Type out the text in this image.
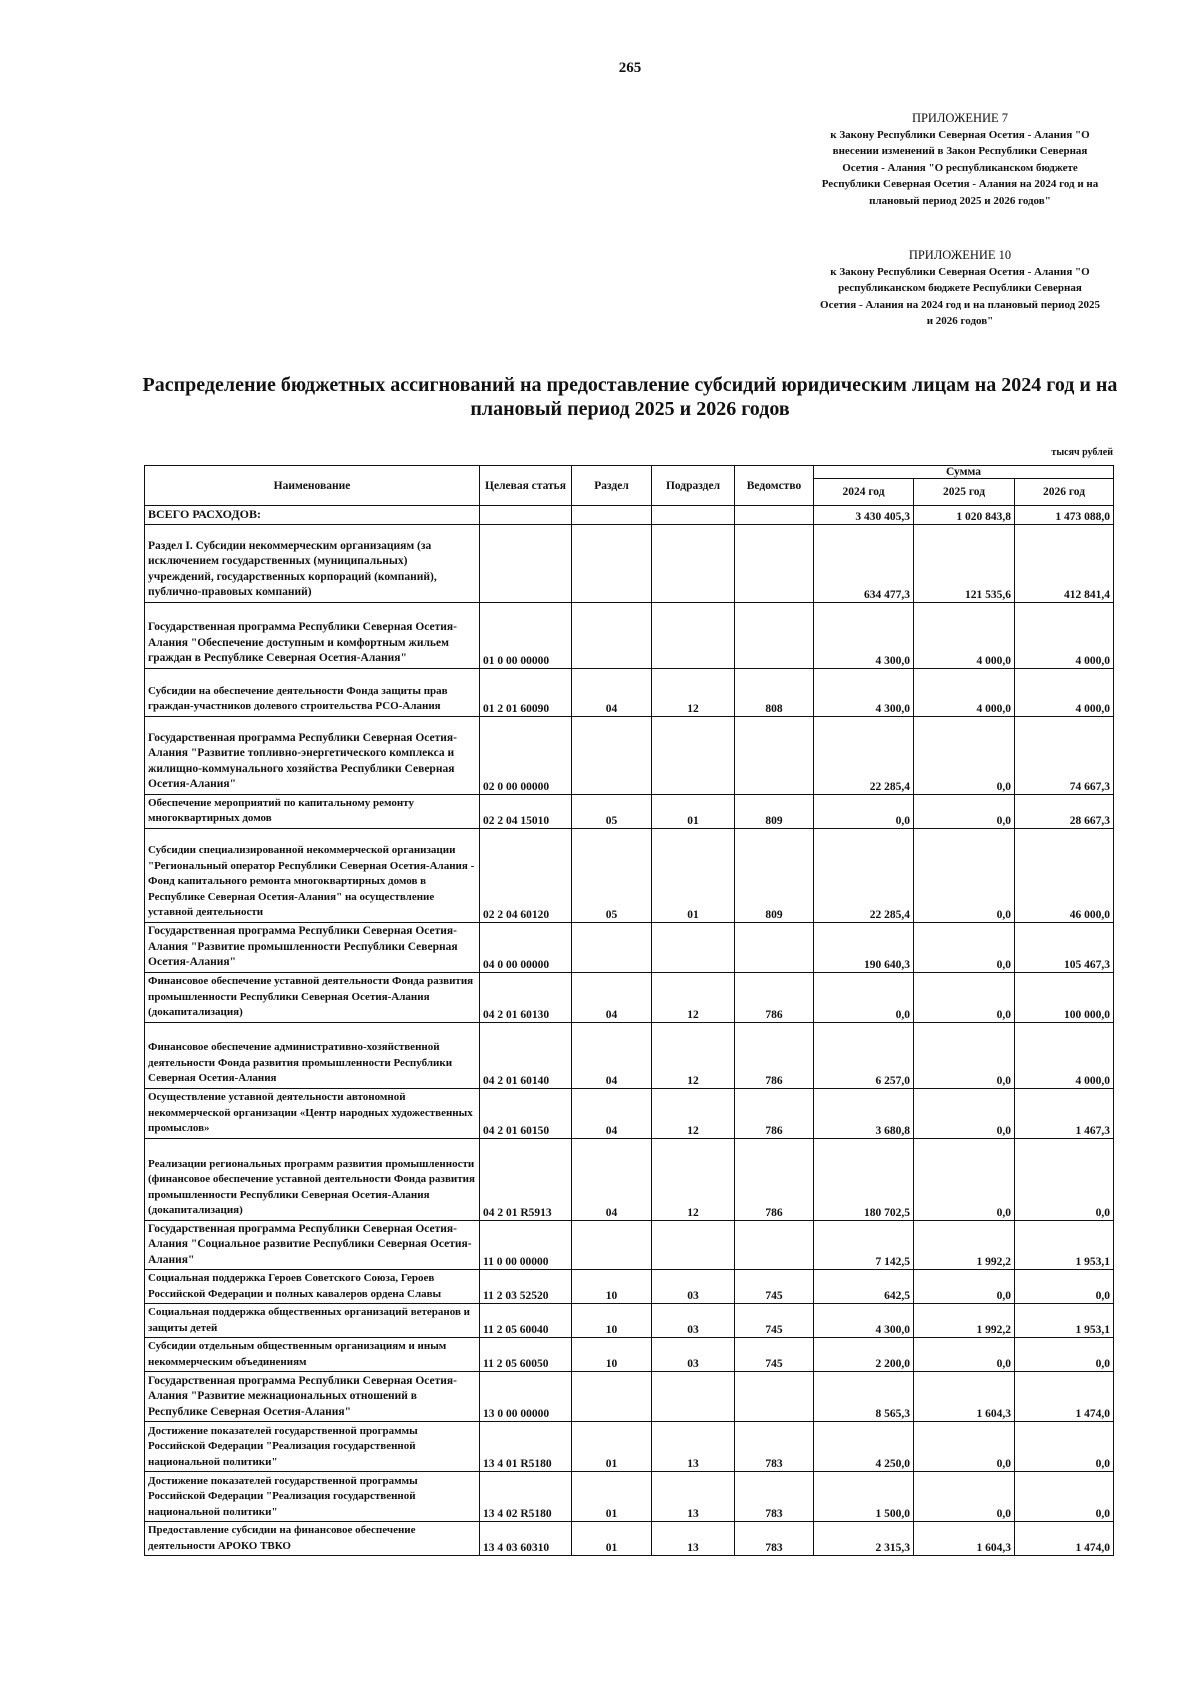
265
ПРИЛОЖЕНИЕ 7
к Закону Республики Северная Осетия - Алания "О внесении изменений в Закон Республики Северная Осетия - Алания "О республиканском бюджете Республики Северная Осетия - Алания на 2024 год и на плановый период 2025 и 2026 годов"
ПРИЛОЖЕНИЕ 10
к Закону Республики Северная Осетия - Алания "О республиканском бюджете Республики Северная Осетия - Алания на 2024 год и на плановый период 2025 и 2026 годов"
Распределение бюджетных ассигнований на предоставление субсидий юридическим лицам на 2024 год и на плановый период 2025 и 2026 годов
тысяч рублей
Наименование	Целевая статья	Раздел	Подраздел	Ведомство	Сумма		
					2024 год	2025 год	2026 год
ВСЕГО РАСХОДОВ:					3 430 405,3	1 020 843,8	1 473 088,0
Раздел I. Субсидии некоммерческим организациям (за исключением государственных (муниципальных) учреждений, государственных корпораций (компаний), публично-правовых компаний)					634 477,3	121 535,6	412 841,4
Государственная программа Республики Северная Осетия-Алания "Обеспечение доступным и комфортным жильем граждан в Республике Северная Осетия-Алания"	01 0 00 00000				4 300,0	4 000,0	4 000,0
Субсидии на обеспечение деятельности Фонда защиты прав граждан-участников долевого строительства РСО-Алания	01 2 01 60090	04	12	808	4 300,0	4 000,0	4 000,0
Государственная программа Республики Северная Осетия-Алания "Развитие топливно-энергетического комплекса и жилищно-коммунального хозяйства Республики Северная Осетия-Алания"	02 0 00 00000				22 285,4	0,0	74 667,3
Обеспечение мероприятий по капитальному ремонту многоквартирных домов	02 2 04 15010	05	01	809	0,0	0,0	28 667,3
Субсидии специализированной некоммерческой организации "Региональный оператор Республики Северная Осетия-Алания - Фонд капитального ремонта многоквартирных домов в Республике Северная Осетия-Алания" на осуществление уставной деятельности	02 2 04 60120	05	01	809	22 285,4	0,0	46 000,0
Государственная программа Республики Северная Осетия-Алания "Развитие промышленности Республики Северная Осетия-Алания"	04 0 00 00000				190 640,3	0,0	105 467,3
Финансовое обеспечение уставной деятельности Фонда развития промышленности Республики Северная Осетия-Алания (докапитализация)	04 2 01 60130	04	12	786	0,0	0,0	100 000,0
Финансовое обеспечение административно-хозяйственной деятельности Фонда развития промышленности Республики Северная Осетия-Алания	04 2 01 60140	04	12	786	6 257,0	0,0	4 000,0
Осуществление уставной деятельности автономной некоммерческой организации «Центр народных художественных промыслов»	04 2 01 60150	04	12	786	3 680,8	0,0	1 467,3
Реализации региональных программ развития промышленности (финансовое обеспечение уставной деятельности Фонда развития промышленности Республики Северная Осетия-Алания (докапитализация)	04 2 01 R5913	04	12	786	180 702,5	0,0	0,0
Государственная программа Республики Северная Осетия-Алания "Социальное развитие Республики Северная Осетия-Алания"	11 0 00 00000				7 142,5	1 992,2	1 953,1
Социальная поддержка Героев Советского Союза, Героев Российской Федерации и полных кавалеров ордена Славы	11 2 03 52520	10	03	745	642,5	0,0	0,0
Социальная поддержка общественных организаций ветеранов и защиты детей	11 2 05 60040	10	03	745	4 300,0	1 992,2	1 953,1
Субсидии отдельным общественным организациям и иным некоммерческим объединениям	11 2 05 60050	10	03	745	2 200,0	0,0	0,0
Государственная программа Республики Северная Осетия-Алания "Развитие межнациональных отношений в Республике Северная Осетия-Алания"	13 0 00 00000				8 565,3	1 604,3	1 474,0
Достижение показателей государственной программы Российской Федерации "Реализация государственной национальной политики"	13 4 01 R5180	01	13	783	4 250,0	0,0	0,0
Достижение показателей государственной программы Российской Федерации "Реализация государственной национальной политики"	13 4 02 R5180	01	13	783	1 500,0	0,0	0,0
Предоставление субсидии на финансовое обеспечение деятельности АРОКО ТВКО	13 4 03 60310	01	13	783	2 315,3	1 604,3	1 474,0
